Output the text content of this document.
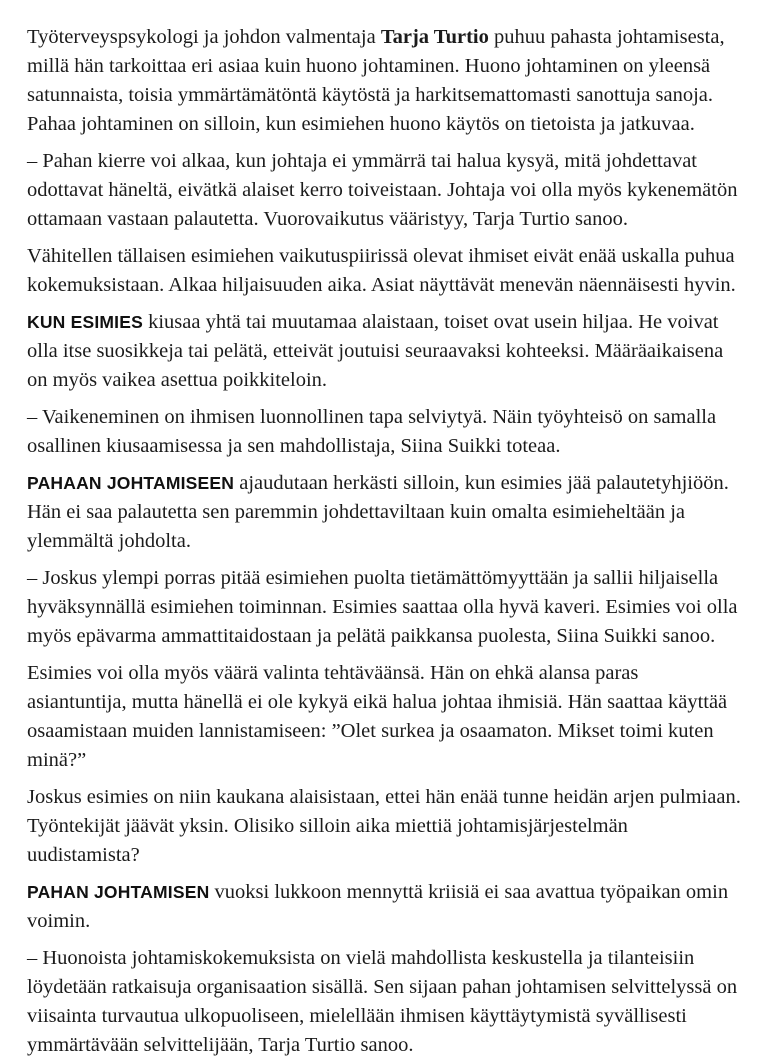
Työterveyspsykologi ja johdon valmentaja Tarja Turtio puhuu pahasta johtamisesta, millä hän tarkoittaa eri asiaa kuin huono johtaminen. Huono johtaminen on yleensä satunnaista, toisia ymmärtämätöntä käytöstä ja harkitsemattomasti sanottuja sanoja. Pahaa johtaminen on silloin, kun esimiehen huono käytös on tietoista ja jatkuvaa.

– Pahan kierre voi alkaa, kun johtaja ei ymmärrä tai halua kysyä, mitä johdettavat odottavat häneltä, eivätkä alaiset kerro toiveistaan. Johtaja voi olla myös kykenemätön ottamaan vastaan palautetta. Vuorovaikutus vääristyy, Tarja Turtio sanoo.

Vähitellen tällaisen esimiehen vaikutuspiirissä olevat ihmiset eivät enää uskalla puhua kokemuksistaan. Alkaa hiljaisuuden aika. Asiat näyttävät menevän näennäisesti hyvin.

KUN ESIMIES kiusaa yhtä tai muutamaa alaistaan, toiset ovat usein hiljaa. He voivat olla itse suosikkeja tai pelätä, etteivät joutuisi seuraavaksi kohteeksi. Määräaikaisena on myös vaikea asettua poikkiteloin.

– Vaikeneminen on ihmisen luonnollinen tapa selviytyä. Näin työyhteisö on samalla osallinen kiusaamisessa ja sen mahdollistaja, Siina Suikki toteaa.

PAHAAN JOHTAMISEEN ajaudutaan herkästi silloin, kun esimies jää palautetyhjiöön. Hän ei saa palautetta sen paremmin johdettaviltaan kuin omalta esimieheltään ja ylemmältä johdolta.

– Joskus ylempi porras pitää esimiehen puolta tietämättömyyttään ja sallii hiljaisella hyväksynnällä esimiehen toiminnan. Esimies saattaa olla hyvä kaveri. Esimies voi olla myös epävarma ammattitaidostaan ja pelätä paikkansa puolesta, Siina Suikki sanoo.

Esimies voi olla myös väärä valinta tehtäväänsä. Hän on ehkä alansa paras asiantuntija, mutta hänellä ei ole kykyä eikä halua johtaa ihmisiä. Hän saattaa käyttää osaamistaan muiden lannistamiseen: ”Olet surkea ja osaamaton. Mikset toimi kuten minä?”

Joskus esimies on niin kaukana alaisistaan, ettei hän enää tunne heidän arjen pulmiaan. Työntekijät jäävät yksin. Olisiko silloin aika miettiä johtamisjärjestelmän uudistamista?

PAHAN JOHTAMISEN vuoksi lukkoon mennyttä kriisiä ei saa avattua työpaikan omin voimin.

– Huonoista johtamiskokemuksista on vielä mahdollista keskustella ja tilanteisiin löydetään ratkaisuja organisaation sisällä. Sen sijaan pahan johtamisen selvittelyssä on viisainta turvautua ulkopuoliseen, mielellään ihmisen käyttäytymistä syvällisesti ymmärtävään selvittelijään, Tarja Turtio sanoo.
